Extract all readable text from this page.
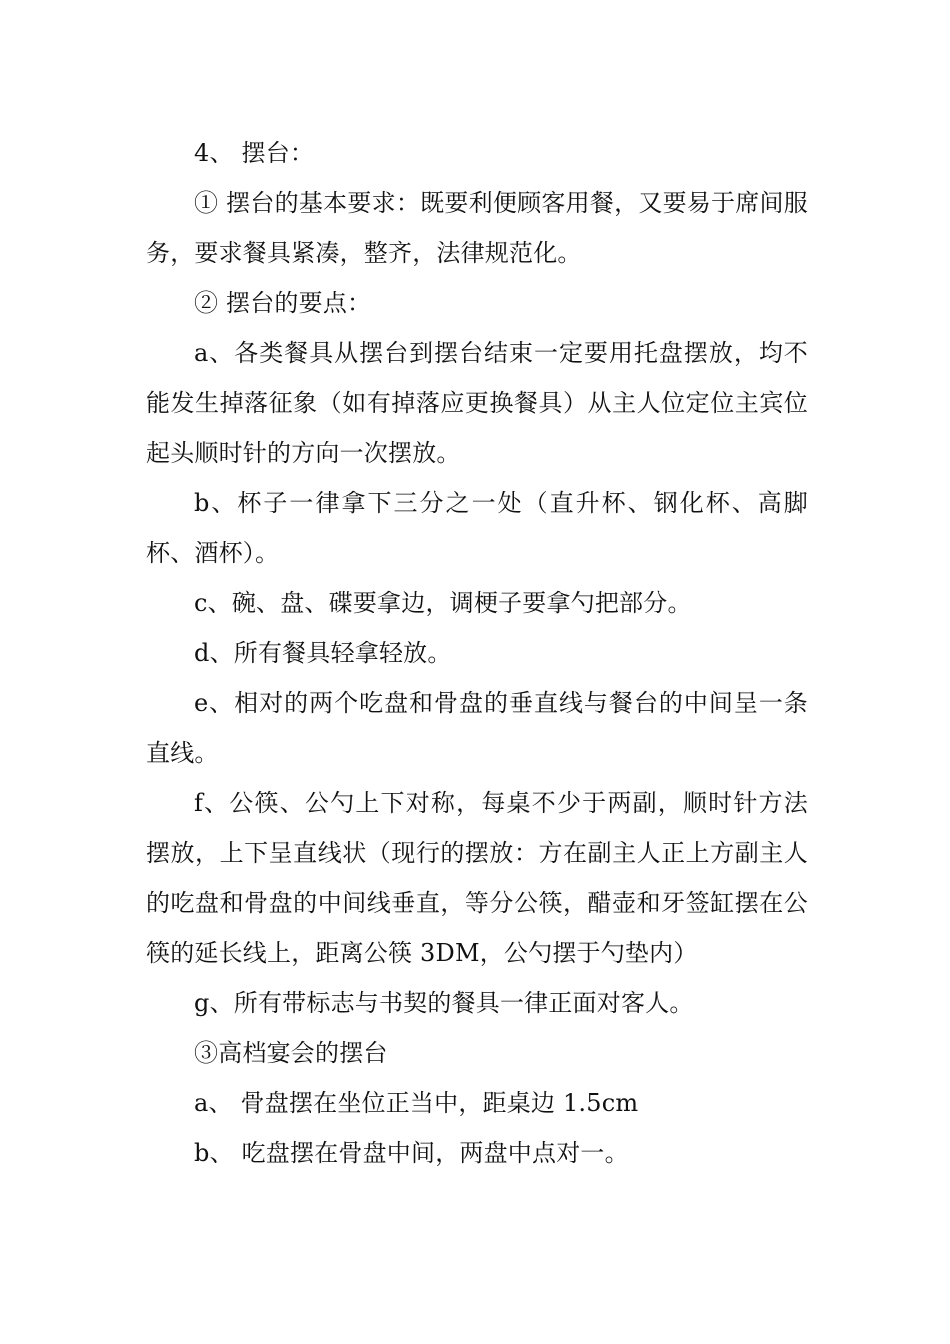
4、 摆台：

① 摆台的基本要求：既要利便顾客用餐，又要易于席间服务，要求餐具紧凑，整齐，法律规范化。

② 摆台的要点：

a、各类餐具从摆台到摆台结束一定要用托盘摆放，均不能发生掉落征象（如有掉落应更换餐具）从主人位定位主宾位起头顺时针的方向一次摆放。

b、杯子一律拿下三分之一处（直升杯、钢化杯、高脚杯、酒杯）。

c、碗、盘、碟要拿边，调梗子要拿勺把部分。

d、所有餐具轻拿轻放。

e、相对的两个吃盘和骨盘的垂直线与餐台的中间呈一条直线。

f、公筷、公勺上下对称，每桌不少于两副，顺时针方法摆放，上下呈直线状（现行的摆放：方在副主人正上方副主人的吃盘和骨盘的中间线垂直，等分公筷，醋壶和牙签缸摆在公筷的延长线上，距离公筷 3DM，公勺摆于勺垫内）

g、所有带标志与书契的餐具一律正面对客人。

③高档宴会的摆台

a、 骨盘摆在坐位正当中，距桌边 1.5cm

b、 吃盘摆在骨盘中间，两盘中点对一。
